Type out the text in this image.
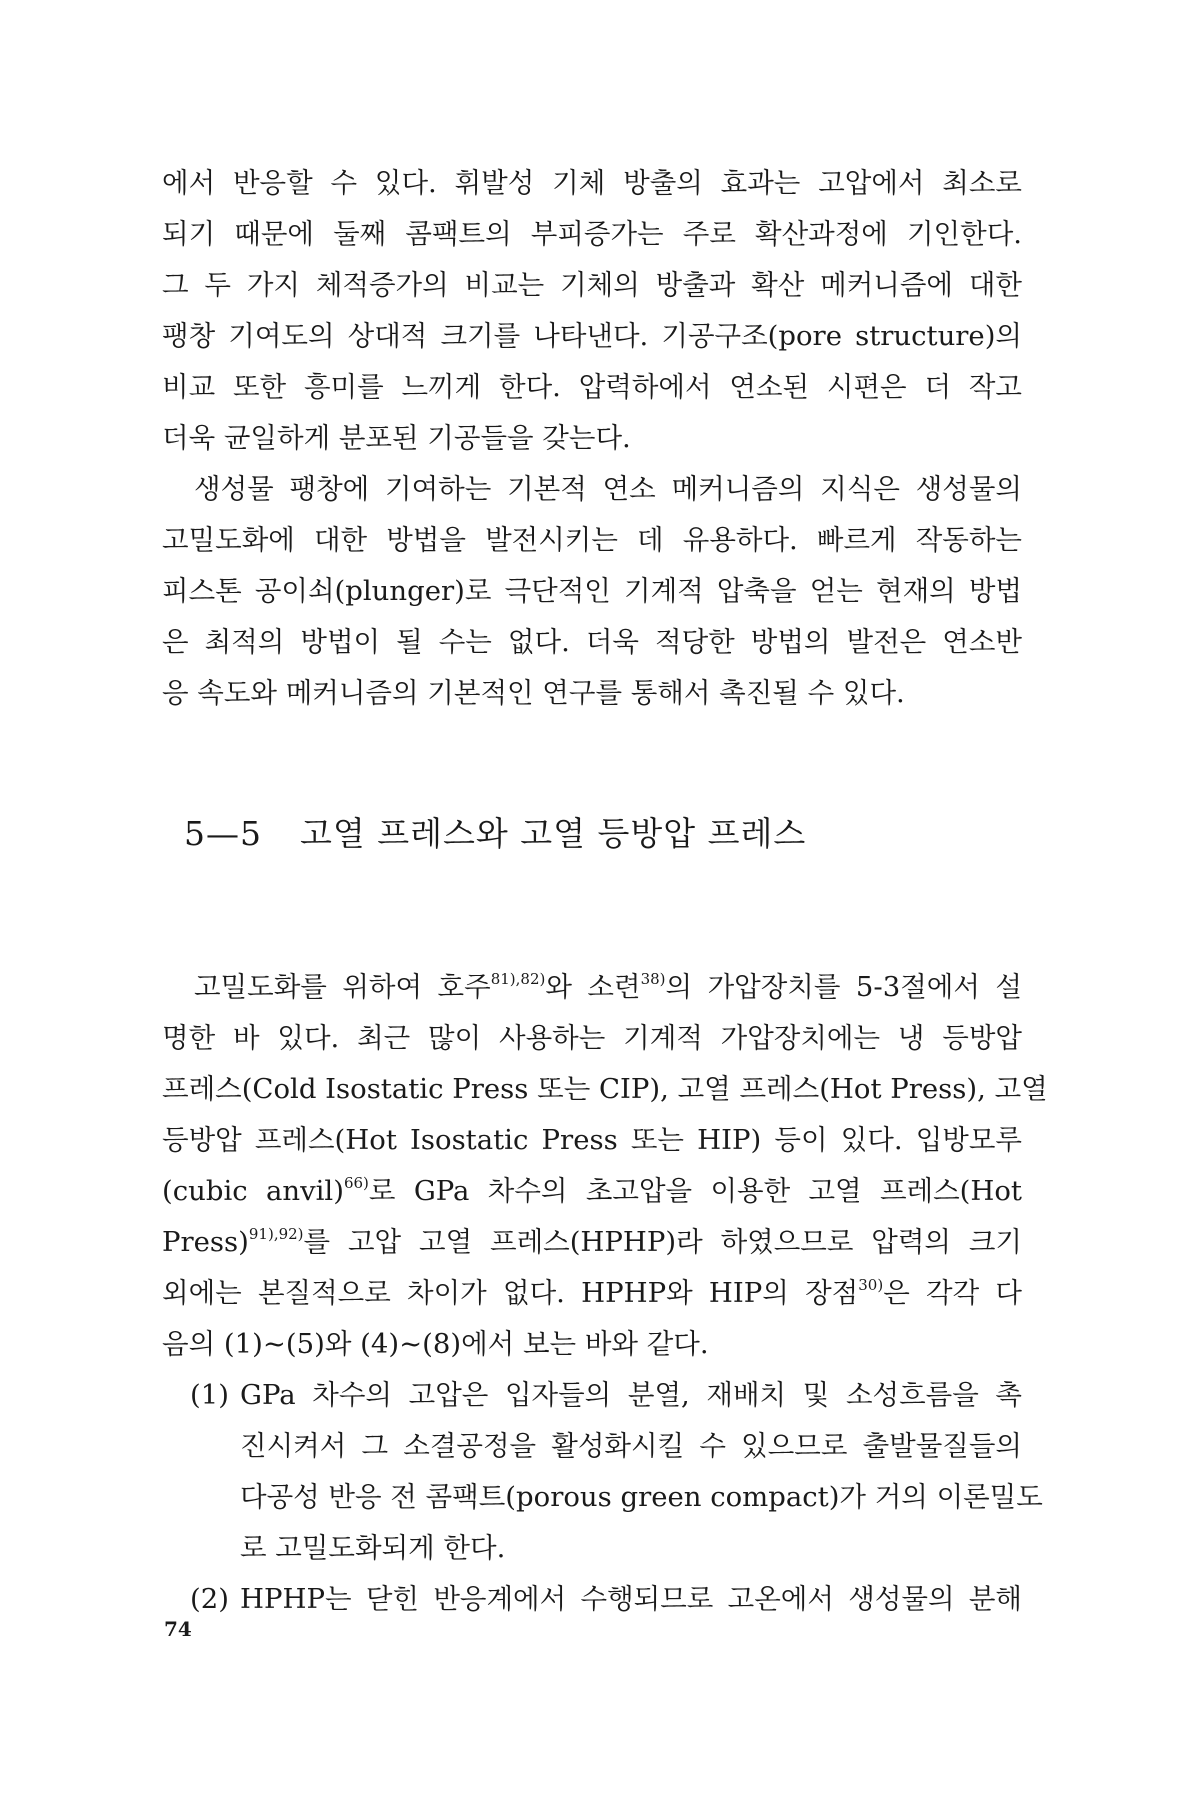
에서 반응할 수 있다. 휘발성 기체 방출의 효과는 고압에서 최소로
되기 때문에 둘째 콤팩트의 부피증가는 주로 확산과정에 기인한다.
그 두 가지 체적증가의 비교는 기체의 방출과 확산 메커니즘에 대한
팽창 기여도의 상대적 크기를 나타낸다. 기공구조(pore structure)의
비교 또한 흥미를 느끼게 한다. 압력하에서 연소된 시편은 더 작고
더욱 균일하게 분포된 기공들을 갖는다.
생성물 팽창에 기여하는 기본적 연소 메커니즘의 지식은 생성물의
고밀도화에 대한 방법을 발전시키는 데 유용하다. 빠르게 작동하는
피스톤 공이쇠(plunger)로 극단적인 기계적 압축을 얻는 현재의 방법
은 최적의 방법이 될 수는 없다. 더욱 적당한 방법의 발전은 연소반
응 속도와 메커니즘의 기본적인 연구를 통해서 촉진될 수 있다.
5—5 고열 프레스와 고열 등방압 프레스
고밀도화를 위하여 호주$^{81),82)}$와 소련$^{38)}$의 가압장치를 5-3절에서 설
명한 바 있다. 최근 많이 사용하는 기계적 가압장치에는 냉 등방압
프레스(Cold Isostatic Press 또는 CIP), 고열 프레스(Hot Press), 고열
등방압 프레스(Hot Isostatic Press 또는 HIP) 등이 있다. 입방모루
(cubic anvil)$^{66)}$로 GPa 차수의 초고압을 이용한 고열 프레스(Hot
Press)$^{91),92)}$를 고압 고열 프레스(HPHP)라 하였으므로 압력의 크기
외에는 본질적으로 차이가 없다. HPHP와 HIP의 장점$^{30)}$은 각각 다
음의 (1)~(5)와 (4)~(8)에서 보는 바와 같다.
(1) GPa 차수의 고압은 입자들의 분열, 재배치 및 소성흐름을 촉
진시켜서 그 소결공정을 활성화시킬 수 있으므로 출발물질들의
다공성 반응 전 콤팩트(porous green compact)가 거의 이론밀도
로 고밀도화되게 한다.
(2) HPHP는 닫힌 반응계에서 수행되므로 고온에서 생성물의 분해
74
